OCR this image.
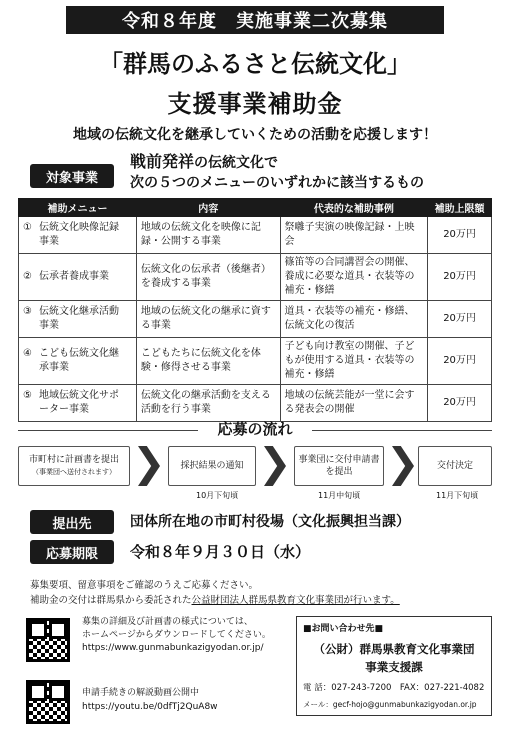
令和８年度　実施事業二次募集
「群馬のふるさと伝統文化」
支援事業補助金
地域の伝統文化を継承していくための活動を応援します！
対象事業
戦前発祥の伝統文化で
次の５つのメニューのいずれかに該当するもの
補助メニュー	内容	代表的な補助事例	補助上限額
① 伝統文化映像記録事業	地域の伝統文化を映像に記録・公開する事業	祭囃子実演の映像記録・上映会	20万円
② 伝承者養成事業	伝統文化の伝承者（後継者）を養成する事業	篠笛等の合同講習会の開催、養成に必要な道具・衣装等の補充・修繕	20万円
③ 伝統文化継承活動事業	地域の伝統文化の継承に資する事業	道具・衣装等の補充・修繕、伝統文化の復活	20万円
④ こども伝統文化継承事業	こどもたちに伝統文化を体験・修得させる事業	子ども向け教室の開催、子どもが使用する道具・衣装等の補充・修繕	20万円
⑤ 地域伝統文化サポーター事業	伝統文化の継承活動を支える活動を行う事業	地域の伝統芸能が一堂に会する発表会の開催	20万円
応募の流れ
市町村に計画書を提出
（事業団へ送付されます）
採択結果の通知
事業団に交付申請書を提出
交付決定
10月下旬頃	11月中旬頃	11月下旬頃
提出先	団体所在地の市町村役場（文化振興担当課）
応募期限	令和８年９月３０日（水）
募集要項、留意事項をご確認のうえご応募ください。
補助金の交付は群馬県から委託された公益財団法人群馬県教育文化事業団が行います。
募集の詳細及び計画書の様式については、
ホームページからダウンロードしてください。
https://www.gunmabunkazigyodan.or.jp/
申請手続きの解説動画公開中
https://youtu.be/0dfTj2QuA8w
■お問い合わせ先■
（公財）群馬県教育文化事業団
事業支援課
電 話：027-243-7200　FAX：027-221-4082
メール：gecf-hojo@gunmabunkazigyodan.or.jp
